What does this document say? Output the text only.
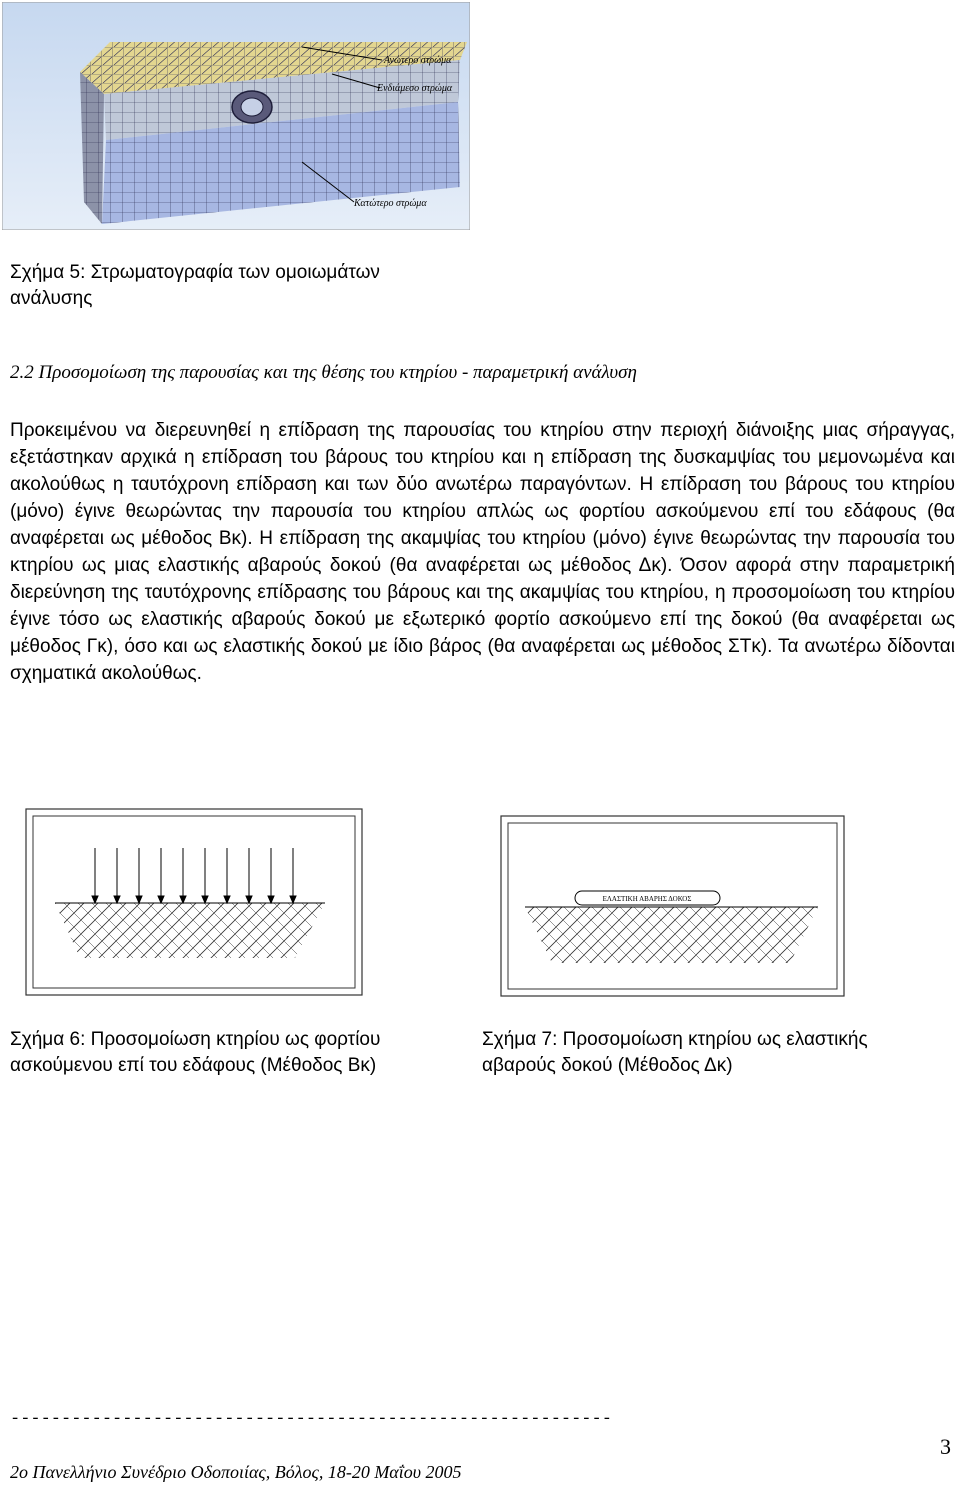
Ανώτερο στρώμα
Ενδιάμεσο στρώμα
Κατώτερο στρώμα
Σχήμα 5: Στρωματογραφία των ομοιωμάτων ανάλυσης
2.2 Προσομοίωση της παρουσίας και της θέσης του κτηρίου - παραμετρική ανάλυση

Προκειμένου να διερευνηθεί η επίδραση της παρουσίας του κτηρίου στην περιοχή διάνοιξης μιας σήραγγας, εξετάστηκαν αρχικά η επίδραση του βάρους του κτηρίου και η επίδραση της δυσκαμψίας του μεμονωμένα και ακολούθως η ταυτόχρονη επίδραση και των δύο ανωτέρω παραγόντων. Η επίδραση του βάρους του κτηρίου (μόνο) έγινε θεωρώντας την παρουσία του κτηρίου απλώς ως φορτίου ασκούμενου επί του εδάφους (θα αναφέρεται ως μέθοδος Βκ). Η επίδραση της ακαμψίας του κτηρίου (μόνο) έγινε θεωρώντας την παρουσία του κτηρίου ως μιας ελαστικής αβαρούς δοκού (θα αναφέρεται ως μέθοδος Δκ). Όσον αφορά στην παραμετρική διερεύνηση της ταυτόχρονης επίδρασης του βάρους και της ακαμψίας του κτηρίου, η προσομοίωση του κτηρίου έγινε τόσο ως ελαστικής αβαρούς δοκού με εξωτερικό φορτίο ασκούμενο επί της δοκού (θα αναφέρεται ως μέθοδος Γκ), όσο και ως ελαστικής δοκού με ίδιο βάρος (θα αναφέρεται ως μέθοδος ΣΤκ). Τα ανωτέρω δίδονται σχηματικά ακολούθως.

ΕΛΑΣΤΙΚΗ ΑΒΑΡΗΣ ΔΟΚΟΣ
Σχήμα 6: Προσομοίωση κτηρίου ως φορτίου ασκούμενου επί του εδάφους (Μέθοδος Βκ)
Σχήμα 7: Προσομοίωση κτηρίου ως ελαστικής αβαρούς δοκού (Μέθοδος Δκ)
-----------------------------------------------------------
2ο Πανελλήνιο Συνέδριο Οδοποιίας, Βόλος, 18-20 Μαΐου 2005
3
